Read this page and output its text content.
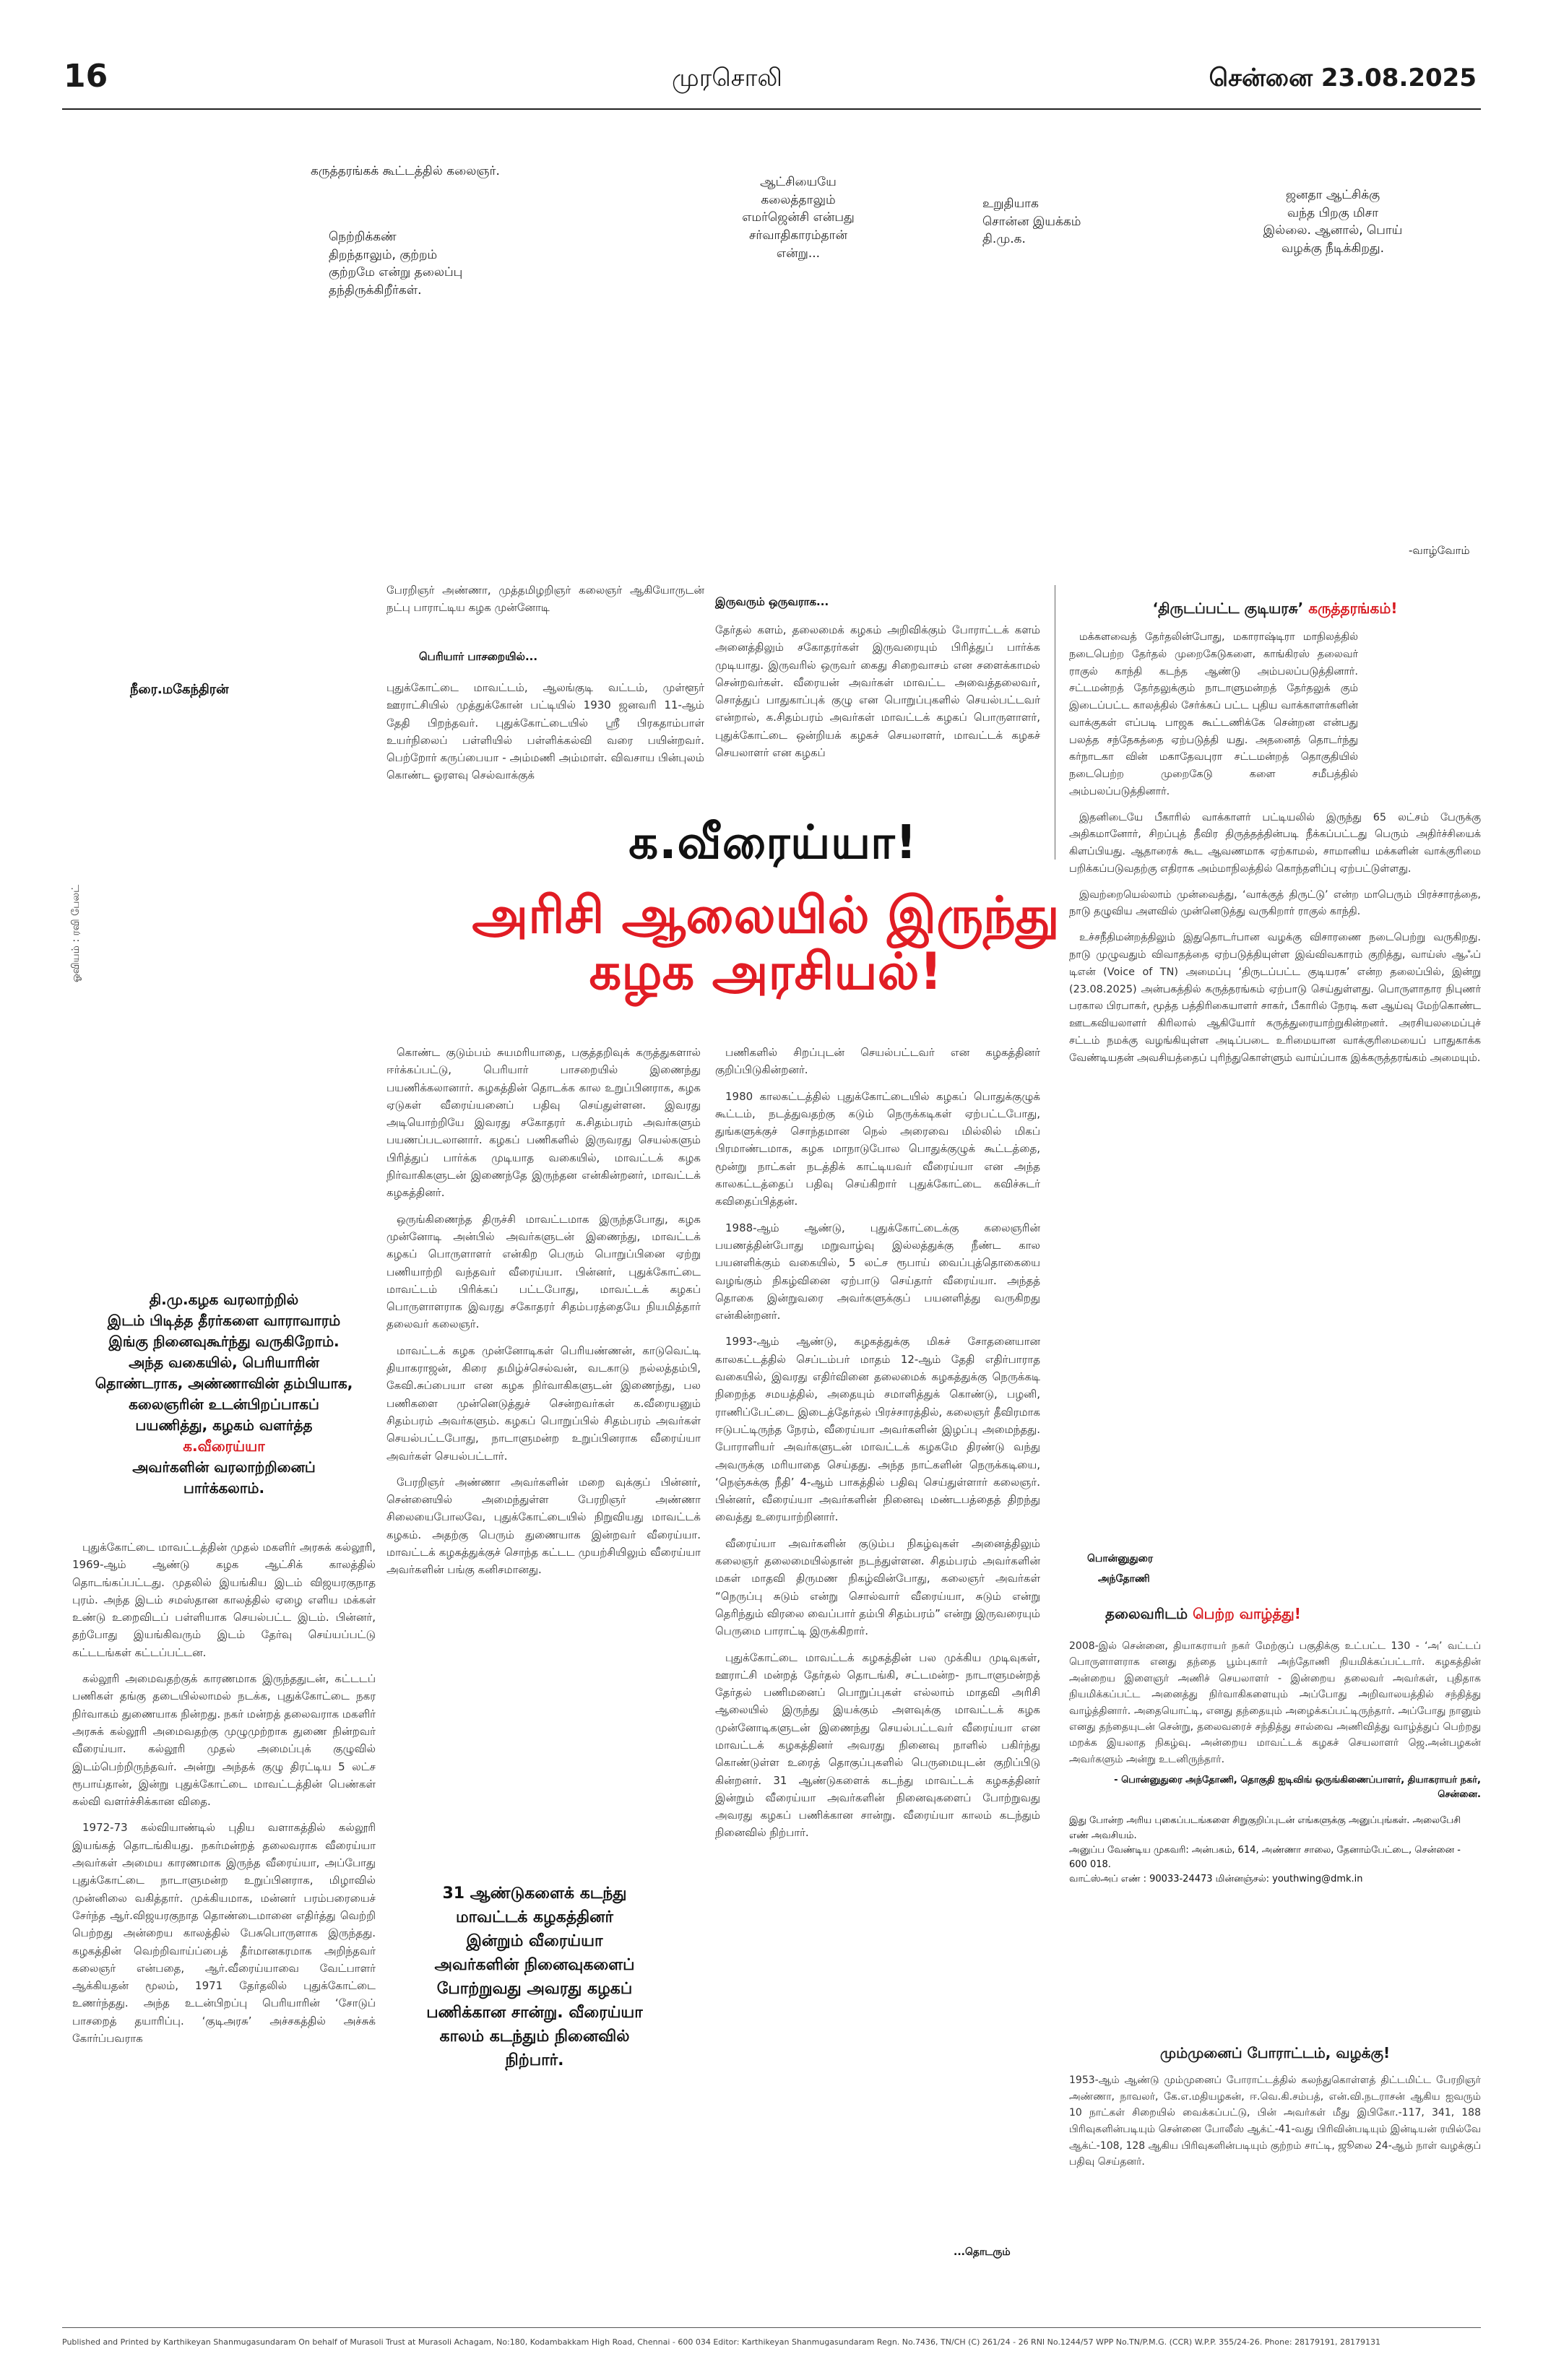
16	முரசொலி	சென்னை 23.08.2025
கருத்தரங்கக் கூட்டத்தில் கலைஞர்.
நெற்றிக்கண்
திறந்தாலும், குற்றம்
குற்றமே என்று தலைப்பு
தந்திருக்கிறீர்கள்.
ஆட்சியையே
கலைத்தாலும்
எமர்ஜென்சி என்பது
சர்வாதிகாரம்தான்
என்று...
உறுதியாக
சொன்ன இயக்கம்
தி.மு.க.
ஜனதா ஆட்சிக்கு
வந்த பிறகு மிசா
இல்லை. ஆனால், பொய்
வழக்கு நீடிக்கிறது.
-வாழ்வோம்
நீரை.மகேந்திரன்
ஓவியம் : ரவி பேலட்
பேரறிஞர் அண்ணா, முத்தமிழறிஞர் கலைஞர் ஆகியோருடன் நட்பு பாராட்டிய கழக முன்னோடி
பெரியார் பாசறையில்...
புதுக்கோட்டை மாவட்டம், ஆலங்குடி வட்டம், முள்ளூர் ஊராட்சியில் முத்துக்கோன் பட்டியில் 1930 ஜனவரி 11-ஆம் தேதி பிறந்தவர். புதுக்கோட்டையில் ஸ்ரீ பிரகதாம்பாள் உயர்நிலைப் பள்ளியில் பள்ளிக்கல்வி வரை பயின்றவர். பெற்றோர் கருப்பையா - அம்மணி அம்மாள். விவசாய பின்புலம் கொண்ட ஓரளவு செல்வாக்குக்
இருவரும் ஒருவராக...
தேர்தல் களம், தலைமைக் கழகம் அறிவிக்கும் போராட்டக் களம் அனைத்திலும் சகோதரர்கள் இருவரையும் பிரித்துப் பார்க்க முடியாது. இருவரில் ஒருவர் கைது சிறைவாசம் என சளைக்காமல் சென்றவர்கள். வீரையன் அவர்கள் மாவட்ட அவைத்தலைவர், சொத்துப் பாதுகாப்புக் குழு என பொறுப்புகளில் செயல்பட்டவர் என்றால், க.சிதம்பரம் அவர்கள் மாவட்டக் கழகப் பொருளாளர், புதுக்கோட்டை ஒன்றியக் கழகச் செயலாளர், மாவட்டக் கழகச் செயலாளர் என கழகப்
க.வீரைய்யா!
அரிசி ஆலையில் இருந்து
கழக அரசியல்!
தி.மு.கழக வரலாற்றில்
இடம் பிடித்த தீரர்களை வாராவாரம்
இங்கு நினைவுகூர்ந்து வருகிறோம்.
அந்த வகையில், பெரியாரின்
தொண்டராக, அண்ணாவின் தம்பியாக,
கலைஞரின் உடன்பிறப்பாகப்
பயணித்து, கழகம் வளர்த்த
க.வீரைய்யா
அவர்களின் வரலாற்றினைப்
பார்க்கலாம்.

புதுக்கோட்டை மாவட்டத்தின் முதல் மகளிர் அரசுக் கல்லூரி, 1969-ஆம் ஆண்டு கழக ஆட்சிக் காலத்தில் தொடங்கப்பட்டது. முதலில் இயங்கிய இடம் விஜயரகுநாத புரம். அந்த இடம் சமஸ்தான காலத்தில் ஏழை எளிய மக்கள் உண்டு உறைவிடப் பள்ளியாக செயல்பட்ட இடம். பின்னர், தற்போது இயங்கிவரும் இடம் தேர்வு செய்யப்பட்டு கட்டடங்கள் கட்டப்பட்டன.

கல்லூரி அமைவதற்குக் காரணமாக இருந்ததுடன், கட்டடப் பணிகள் தங்கு தடையில்லாமல் நடக்க, புதுக்கோட்டை நகர நிர்வாகம் துணையாக நின்றது. நகர் மன்றத் தலைவராக மகளிர் அரசுக் கல்லூரி அமைவதற்கு முழுமுற்றாக துணை நின்றவர் வீரைய்யா. கல்லூரி முதல் அமைப்புக் குழுவில் இடம்பெற்றிருந்தவர். அன்று அந்தக் குழு திரட்டிய 5 லட்ச ரூபாய்தான், இன்று புதுக்கோட்டை மாவட்டத்தின் பெண்கள் கல்வி வளர்ச்சிக்கான விதை.

1972-73 கல்வியாண்டில் புதிய வளாகத்தில் கல்லூரி இயங்கத் தொடங்கியது. நகர்மன்றத் தலைவராக வீரைய்யா அவர்கள் அமைய காரணமாக இருந்த வீரைய்யா, அப்போது புதுக்கோட்டை நாடாளுமன்ற உறுப்பினராக, மிழாவில் முன்னிலை வகித்தார். முக்கியமாக, மன்னர் பரம்பரையைச் சேர்ந்த ஆர்.விஜயரகுநாத தொண்டைமானை எதிர்த்து வெற்றி பெற்றது அன்றைய காலத்தில் பேசுபொருளாக இருந்தது. கழகத்தின் வெற்றிவாய்ப்பைத் தீர்மானகரமாக அறிந்தவர் கலைஞர் என்பதை, ஆர்.வீரைய்யாவை வேட்பாளர் ஆக்கியதன் மூலம், 1971 தேர்தலில் புதுக்கோட்டை உணர்ந்தது. அந்த உடன்பிறப்பு பெரியாரின் ‘சோடுப் பாசறைத் தயாரிப்பு. ‘குடிஅரசு’ அச்சகத்தில் அச்சுக் கோர்ப்பவராக

கொண்ட குடும்பம் சுயமரியாதை, பகுத்தறிவுக் கருத்துகளால் ஈர்க்கப்பட்டு, பெரியார் பாசறையில் இணைந்து பயணிக்கலானார். கழகத்தின் தொடக்க கால உறுப்பினராக, கழக ஏடுகள் வீரைய்யனைப் பதிவு செய்துள்ளன. இவரது அடியொற்றியே இவரது சகோதரர் க.சிதம்பரம் அவர்களும் பயணப்படலானார். கழகப் பணிகளில் இருவரது செயல்களும் பிரித்துப் பார்க்க முடியாத வகையில், மாவட்டக் கழக நிர்வாகிகளுடன் இணைந்தே இருந்தன என்கின்றனர், மாவட்டக் கழகத்தினர்.

ஒருங்கிணைந்த திருச்சி மாவட்டமாக இருந்தபோது, கழக முன்னோடி அன்பில் அவர்களுடன் இணைந்து, மாவட்டக் கழகப் பொருளாளர் என்கிற பெரும் பொறுப்பினை ஏற்று பணியாற்றி வந்தவர் வீரைய்யா. பின்னர், புதுக்கோட்டை மாவட்டம் பிரிக்கப் பட்டபோது, மாவட்டக் கழகப் பொருளாளராக இவரது சகோதரர் சிதம்பரத்தையே நியமித்தார் தலைவர் கலைஞர்.

மாவட்டக் கழக முன்னோடிகள் பெரியண்ணன், காடுவெட்டி தியாகராஜன், கிரை தமிழ்ச்செல்வன், வடகாடு நல்லத்தம்பி, கேவி.சுப்பையா என கழக நிர்வாகிகளுடன் இணைந்து, பல பணிகளை முன்னெடுத்துச் சென்றவர்கள் க.வீரையனும் சிதம்பரம் அவர்களும். கழகப் பொறுப்பில் சிதம்பரம் அவர்கள் செயல்பட்டபோது, நாடாளுமன்ற உறுப்பினராக வீரைய்யா அவர்கள் செயல்பட்டார்.

பேரறிஞர் அண்ணா அவர்களின் மறை வுக்குப் பின்னர், சென்னையில் அமைந்துள்ள பேரறிஞர் அண்ணா சிலையைபோலவே, புதுக்கோட்டையில் நிறுவியது மாவட்டக் கழகம். அதற்கு பெரும் துணையாக இன்றவர் வீரைய்யா. மாவட்டக் கழகத்துக்குச் சொந்த கட்டட முயற்சியிலும் வீரைய்யா அவர்களின் பங்கு கனிசமானது.

31 ஆண்டுகளைக் கடந்து மாவட்டக் கழகத்தினர் இன்றும் வீரைய்யா அவர்களின் நினைவுகளைப் போற்றுவது அவரது கழகப் பணிக்கான சான்று. வீரைய்யா காலம் கடந்தும் நினைவில் நிற்பார்.

பணிகளில் சிறப்புடன் செயல்பட்டவர் என கழகத்தினர் குறிப்பிடுகின்றனர்.

1980 காலகட்டத்தில் புதுக்கோட்டையில் கழகப் பொதுக்குழுக் கூட்டம், நடத்துவதற்கு கடும் நெருக்கடிகள் ஏற்பட்டபோது, துங்களுக்குச் சொந்தமான நெல் அரைவை மில்லில் மிகப் பிரமாண்டமாக, கழக மாநாடுபோல பொதுக்குழுக் கூட்டத்தை, மூன்று நாட்கள் நடத்திக் காட்டியவர் வீரைய்யா என அந்த காலகட்டத்தைப் பதிவு செய்கிறார் புதுக்கோட்டை கவிச்சுடர் கவிதைப்பித்தன்.

1988-ஆம் ஆண்டு, புதுக்கோட்டைக்கு கலைஞரின் பயணத்தின்போது மறுவாழ்வு இல்லத்துக்கு நீண்ட கால பயனளிக்கும் வகையில், 5 லட்ச ரூபாய் வைப்புத்தொகையை வழங்கும் நிகழ்வினை ஏற்பாடு செய்தார் வீரைய்யா. அந்தத் தொகை இன்றுவரை அவர்களுக்குப் பயனளித்து வருகிறது என்கின்றனர்.

1993-ஆம் ஆண்டு, கழகத்துக்கு மிகச் சோதனையான காலகட்டத்தில் செப்டம்பர் மாதம் 12-ஆம் தேதி எதிர்பாராத வகையில், இவரது எதிர்வினை தலைமைக் கழகத்துக்கு நெருக்கடி நிறைந்த சமயத்தில், அதையும் சமாளித்துக் கொண்டு, பழனி, ராணிப்பேட்டை இடைத்தேர்தல் பிரச்சாரத்தில், கலைஞர் தீவிரமாக ஈடுபட்டிருந்த நேரம், வீரைய்யா அவர்களின் இழப்பு அமைந்தது. போராளியர் அவர்களுடன் மாவட்டக் கழகமே திரண்டு வந்து அவருக்கு மரியாதை செய்தது. அந்த நாட்களின் நெருக்கடியை, ‘நெஞ்சுக்கு நீதி’ 4-ஆம் பாகத்தில் பதிவு செய்துள்ளார் கலைஞர். பின்னர், வீரைய்யா அவர்களின் நினைவு மண்டபத்தைத் திறந்து வைத்து உரையாற்றினார்.

வீரைய்யா அவர்களின் குடும்ப நிகழ்வுகள் அனைத்திலும் கலைஞர் தலைமையில்தான் நடந்துள்ளன. சிதம்பரம் அவர்களின் மகள் மாதவி திருமண நிகழ்வின்போது, கலைஞர் அவர்கள் “நெருப்பு சுடும் என்று சொல்வார் வீரைய்யா, சுடும் என்று தெரிந்தும் விரலை வைப்பார் தம்பி சிதம்பரம்” என்று இருவரையும் பெருமை பாராட்டி இருக்கிறார்.

புதுக்கோட்டை மாவட்டக் கழகத்தின் பல முக்கிய முடிவுகள், ஊராட்சி மன்றத் தேர்தல் தொடங்கி, சட்டமன்ற- நாடாளுமன்றத் தேர்தல் பணிமனைப் பொறுப்புகள் எல்லாம் மாதவி அரிசி ஆலையில் இருந்து இயக்கும் அளவுக்கு மாவட்டக் கழக முன்னோடிகளுடன் இணைந்து செயல்பட்டவர் வீரைய்யா என மாவட்டக் கழகத்தினர் அவரது நினைவு நாளில் பகிர்ந்து கொண்டுள்ள உரைத் தொகுப்புகளில் பெருமையுடன் குறிப்பிடு கின்றனர். 31 ஆண்டுகளைக் கடந்து மாவட்டக் கழகத்தினர் இன்றும் வீரைய்யா அவர்களின் நினைவுகளைப் போற்றுவது அவரது கழகப் பணிக்கான சான்று. வீரைய்யா காலம் கடந்தும் நினைவில் நிற்பார்.

...தொடரும்
‘திருடப்பட்ட குடியரசு’ கருத்தரங்கம்!

மக்களவைத் தேர்தலின்போது, மகாராஷ்டிரா மாநிலத்தில் நடைபெற்ற தேர்தல் முறைகேடுகளை, காங்கிரஸ் தலைவர் ராகுல் காந்தி கடந்த ஆண்டு அம்பலப்படுத்தினார். சட்டமன்றத் தேர்தலுக்கும் நாடாளுமன்றத் தேர்தலுக் கும் இடைப்பட்ட காலத்தில் சேர்க்கப் பட்ட புதிய வாக்காளர்களின் வாக்குகள் எப்படி பாஜக கூட்டணிக்கே சென்றன என்பது பலத்த சந்தேகத்தை ஏற்படுத்தி யது. அதனைத் தொடர்ந்து கர்நாடகா வின் மகாதேவபுரா சட்டமன்றத் தொகுதியில் நடைபெற்ற முறைகேடு களை சமீபத்தில் அம்பலப்படுத்தினார்.

இதனிடையே பீகாரில் வாக்காளர் பட்டியலில் இருந்து 65 லட்சம் பேருக்கு அதிகமானோர், சிறப்புத் தீவிர திருத்தத்தின்படி நீக்கப்பட்டது பெரும் அதிர்ச்சியைக் கிளப்பியது. ஆதாரைக் கூட ஆவணமாக ஏற்காமல், சாமானிய மக்களின் வாக்குரிமை பறிக்கப்படுவதற்கு எதிராக அம்மாநிலத்தில் கொந்தளிப்பு ஏற்பட்டுள்ளது.

இவற்றையெல்லாம் முன்வைத்து, ‘வாக்குத் திருட்டு’ என்ற மாபெரும் பிரச்சாரத்தை, நாடு தழுவிய அளவில் முன்னெடுத்து வருகிறார் ராகுல் காந்தி.

உச்சநீதிமன்றத்திலும் இதுதொடர்பான வழக்கு விசாரணை நடைபெற்று வருகிறது. நாடு முழுவதும் விவாதத்தை ஏற்படுத்தியுள்ள இவ்விவகாரம் குறித்து, வாய்ஸ் ஆஃப் டிஎன் (Voice of TN) அமைப்பு ‘திருடப்பட்ட குடியரசு’ என்ற தலைப்பில், இன்று (23.08.2025) அன்பகத்தில் கருத்தரங்கம் ஏற்பாடு செய்துள்ளது. பொருளாதார நிபுணர் பரகால பிரபாகர், மூத்த பத்திரிகையாளர் சாகர், பீகாரில் நேரடி கள ஆய்வு மேற்கொண்ட ஊடகவியலாளர் கிரிலால் ஆகியோர் கருத்துரையாற்றுகின்றனர். அரசியலமைப்புச் சட்டம் நமக்கு வழங்கியுள்ள அடிப்படை உரிமையான வாக்குரிமையைப் பாதுகாக்க வேண்டியதன் அவசியத்தைப் புரிந்துகொள்ளும் வாய்ப்பாக இக்கருத்தரங்கம் அமையும்.

பொன்னுதுரை
அந்தோணி
தலைவரிடம் பெற்ற வாழ்த்து!
2008-இல் சென்னை, தியாகராயர் நகர் மேற்குப் பகுதிக்கு உட்பட்ட 130 - ‘அ’ வட்டப் பொருளாளராக எனது தந்தை பூம்புகார் அந்தோணி நியமிக்கப்பட்டார். கழகத்தின் அன்றைய இளைஞர் அணிச் செயலாளர் - இன்றைய தலைவர் அவர்கள், புதிதாக நியமிக்கப்பட்ட அனைத்து நிர்வாகிகளையும் அப்போது அறிவாலயத்தில் சந்தித்து வாழ்த்தினார். அதையொட்டி, எனது தந்தையும் அழைக்கப்பட்டிருந்தார். அப்போது நானும் எனது தந்தையுடன் சென்று, தலைவரைச் சந்தித்து சால்வை அணிவித்து வாழ்த்துப் பெற்றது மறக்க இயலாத நிகழ்வு. அன்றைய மாவட்டக் கழகச் செயலாளர் ஜெ.அன்பழகன் அவர்களும் அன்று உடனிருந்தார்.
- பொன்னுதுரை அந்தோணி, தொகுதி ஐடிவிங் ஒருங்கிணைப்பாளர், தியாகராயர் நகர், சென்னை.
இது போன்ற அரிய புகைப்படங்களை சிறுகுறிப்புடன் எங்களுக்கு அனுப்புங்கள். அலைபேசி எண் அவசியம்.
அனுப்ப வேண்டிய முகவரி: அன்பகம், 614, அண்ணா சாலை, தேனாம்பேட்டை, சென்னை - 600 018.
வாட்ஸ்அப் எண் : 90033-24473 மின்னஞ்சல்: youthwing@dmk.in
மும்முனைப் போராட்டம், வழக்கு!
1953-ஆம் ஆண்டு மும்முனைப் போராட்டத்தில் கலந்துகொள்ளத் திட்டமிட்ட பேரறிஞர் அண்ணா, நாவலர், கே.எ.மதியழகன், ஈ.வெ.கி.சம்பத், என்.வி.நடராசன் ஆகிய ஐவரும் 10 நாட்கள் சிறையில் வைக்கப்பட்டு, பின் அவர்கள் மீது இபிகோ.-117, 341, 188 பிரிவுகளின்படியும் சென்னை போலீஸ் ஆக்ட்-41-வது பிரிவின்படியும் இன்டியன் ரயில்வே ஆக்ட்-108, 128 ஆகிய பிரிவுகளின்படியும் குற்றம் சாட்டி, ஜூலை 24-ஆம் நாள் வழக்குப் பதிவு செய்தனர்.
Published and Printed by Karthikeyan Shanmugasundaram On behalf of Murasoli Trust at Murasoli Achagam, No:180, Kodambakkam High Road, Chennai - 600 034 Editor: Karthikeyan Shanmugasundaram Regn. No.7436, TN/CH (C) 261/24 - 26 RNI No.1244/57 WPP No.TN/P.M.G. (CCR) W.P.P. 355/24-26. Phone: 28179191, 28179131
